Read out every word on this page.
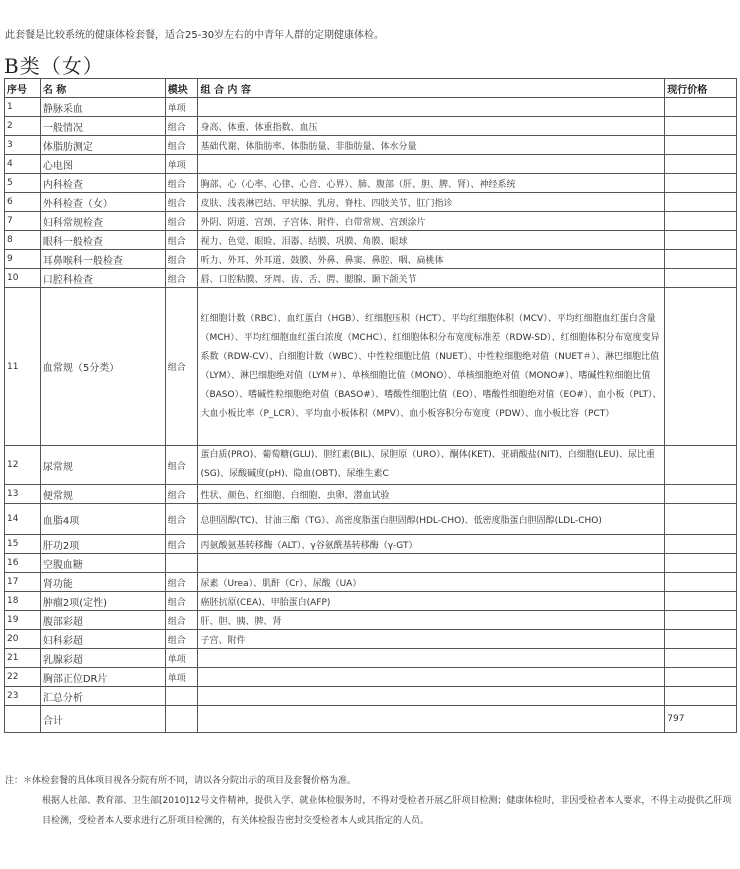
此套餐是比较系统的健康体检套餐，适合25-30岁左右的中青年人群的定期健康体检。
B类（女）
序号	名 称	模块	组 合 内 容	现行价格
1	静脉采血	单项		
2	一般情况	组合	身高、体重、体重指数、血压	
3	体脂肪测定	组合	基础代谢、体脂肪率、体脂肪量、非脂肪量、体水分量	
4	心电图	单项		
5	内科检查	组合	胸部、心（心率、心律、心音、心界）、肺、腹部（肝、胆、脾、肾）、神经系统	
6	外科检查（女）	组合	皮肤、浅表淋巴结、甲状腺、乳房、脊柱、四肢关节、肛门指诊	
7	妇科常规检查	组合	外阴、阴道、宫颈、子宫体、附件、白带常规、宫颈涂片	
8	眼科一般检查	组合	视力、色觉、眼睑、泪器、结膜、巩膜、角膜、眼球	
9	耳鼻喉科一般检查	组合	听力、外耳、外耳道、鼓膜、外鼻、鼻窦、鼻腔、咽、扁桃体	
10	口腔科检查	组合	唇、口腔粘膜、牙周、齿、舌、腭、腮腺、颞下颌关节	
11	血常规（5分类）	组合	红细胞计数（RBC）、血红蛋白（HGB）、红细胞压积（HCT）、平均红细胞体积（MCV）、平均红细胞血红蛋白含量（MCH）、平均红细胞血红蛋白浓度（MCHC）、红细胞体积分布宽度标准差（RDW-SD）、红细胞体积分布宽度变异系数（RDW-CV）、白细胞计数（WBC）、中性粒细胞比值（NUET）、中性粒细胞绝对值（NUET＃）、淋巴细胞比值（LYM）、淋巴细胞绝对值（LYM＃）、单核细胞比值（MONO）、单核细胞绝对值（MONO#）、嗜碱性粒细胞比值（BASO）、嗜碱性粒细胞绝对值（BASO#）、嗜酸性细胞比值（EO）、嗜酸性细胞绝对值（EO#）、血小板（PLT）、大血小板比率（P_LCR）、平均血小板体积（MPV）、血小板容积分布宽度（PDW）、血小板比容（PCT）	
12	尿常规	组合	蛋白质(PRO)、葡萄糖(GLU)、胆红素(BIL)、尿胆原（URO）、酮体(KET)、亚硝酸盐(NIT)、白细胞(LEU)、尿比重(SG)、尿酸碱度(pH)、隐血(OBT)、尿维生素C	
13	便常规	组合	性状、颜色、红细胞、白细胞、虫卵、潜血试验	
14	血脂4项	组合	总胆固醇(TC)、甘油三酯（TG）、高密度脂蛋白胆固醇(HDL-CHO)、低密度脂蛋白胆固醇(LDL-CHO)	
15	肝功2项	组合	丙氨酸氨基转移酶（ALT）、γ谷氨酰基转移酶（γ-GT）	
16	空腹血糖			
17	肾功能	组合	尿素（Urea）、肌酐（Cr）、尿酸（UA）	
18	肿瘤2项(定性)	组合	癌胚抗原(CEA)、甲胎蛋白(AFP)	
19	腹部彩超	组合	肝、胆、胰、脾、肾	
20	妇科彩超	组合	子宫、附件	
21	乳腺彩超	单项		
22	胸部正位DR片	单项		
23	汇总分析			
	合计			797
注：＊体检套餐的具体项目视各分院有所不同，请以各分院出示的项目及套餐价格为准。
根据人社部、教育部、卫生部[2010]12号文件精神，提供入学、就业体检服务时，不得对受检者开展乙肝项目检测；健康体检时，非因受检者本人要求，不得主动提供乙肝项目检测，受检者本人要求进行乙肝项目检测的，有关体检报告密封交受检者本人或其指定的人员。
